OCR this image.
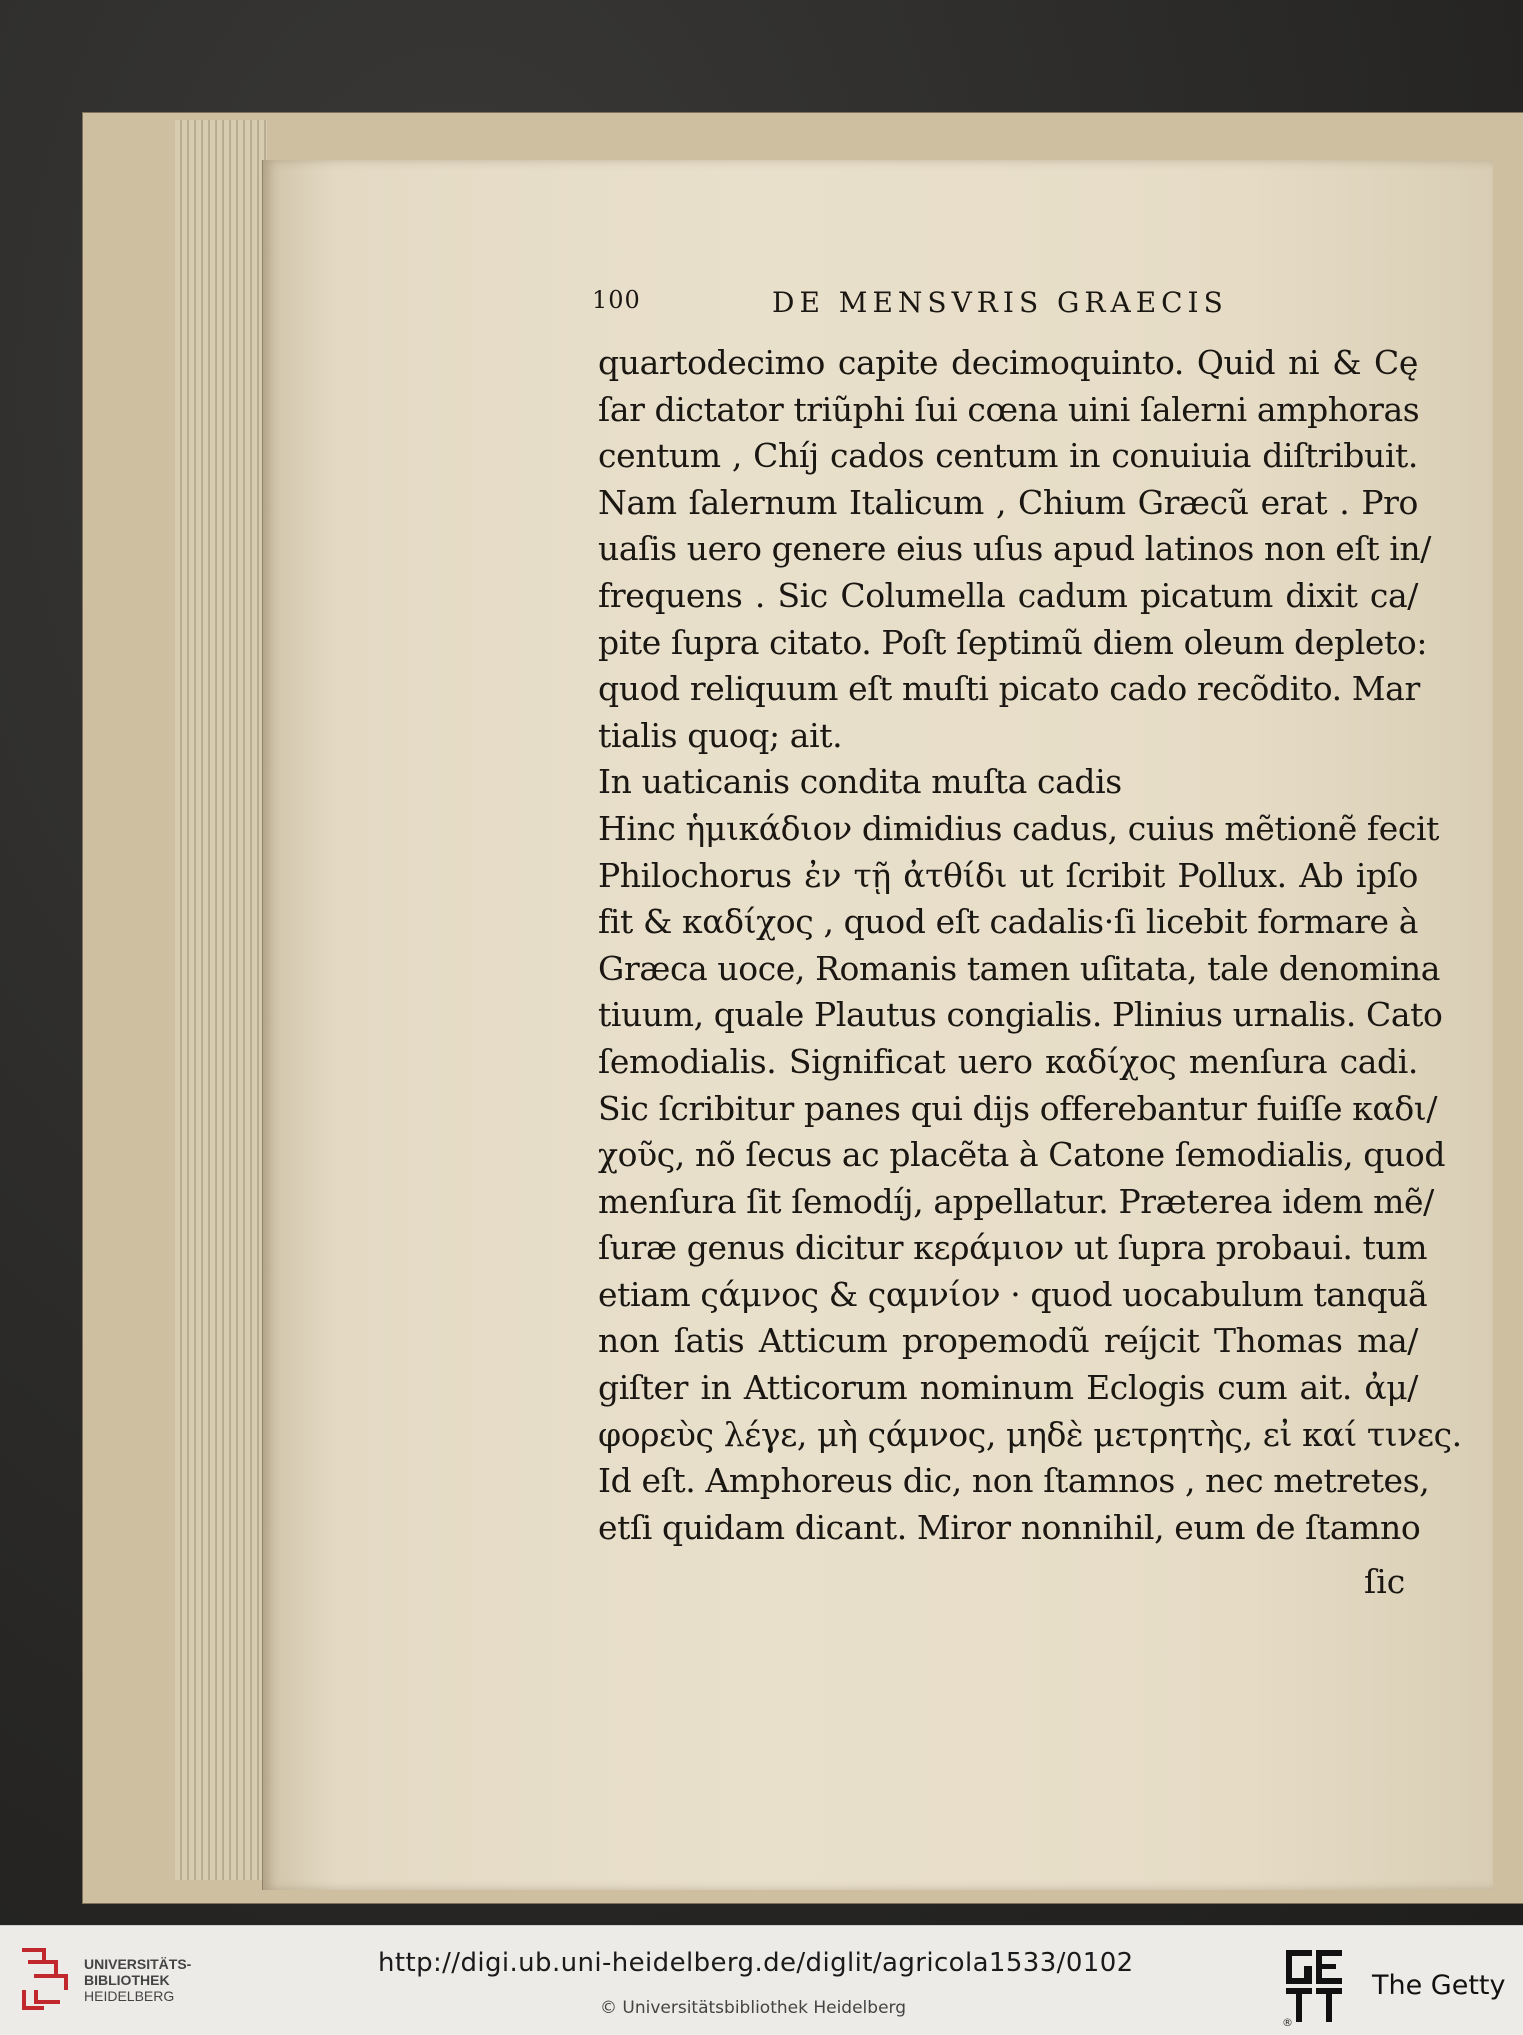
100	DE MENSVRIS GRAECIS
quartodecimo capite decimoquinto. Quid ni & Cę
ſar dictator triũphi ſui cœna uini ſalerni amphoras
centum , Chíj cados centum in conuiuia diſtribuit.
Nam ſalernum Italicum , Chium Græcũ erat . Pro
uaſis uero genere eius uſus apud latinos non eſt in/
frequens . Sic Columella cadum picatum dixit ca/
pite ſupra citato. Poſt ſeptimũ diem oleum depleto:
quod reliquum eſt muſti picato cado recõdito. Mar
tialis quoq; ait.
In uaticanis condita muſta cadis
Hinc ἡμικάδιον dimidius cadus, cuius mẽtionẽ fecit
Philochorus ἐν τῇ ἀτθίδι ut ſcribit Pollux. Ab ipſo
fit & καδίχος , quod eſt cadalis·ſi licebit formare à
Græca uoce, Romanis tamen uſitata, tale denomina
tiuum, quale Plautus congialis. Plinius urnalis. Cato
ſemodialis. Significat uero καδίχος menſura cadi.
Sic ſcribitur panes qui dijs offerebantur fuiſſe καδι/
χοῦς, nõ ſecus ac placẽta à Catone ſemodialis, quod
menſura ſit ſemodíj, appellatur. Præterea idem mẽ/
ſuræ genus dicitur κεράμιον ut ſupra probaui. tum
etiam ςάμνος & ςαμνίον · quod uocabulum tanquã
non ſatis Atticum propemodũ reíjcit Thomas ma/
giſter in Atticorum nominum Eclogis cum ait. ἀμ/
φορεὺς λέγε, μὴ ςάμνος, μηδὲ μετρητὴς, εἰ καί τινες.
Id eſt. Amphoreus dic, non ſtamnos , nec metretes,
etſi quidam dicant. Miror nonnihil, eum de ſtamno
ſic
UNIVERSITÄTS-
BIBLIOTHEK
HEIDELBERG
http://digi.ub.uni-heidelberg.de/diglit/agricola1533/0102
© Universitätsbibliothek Heidelberg
®
The Getty
